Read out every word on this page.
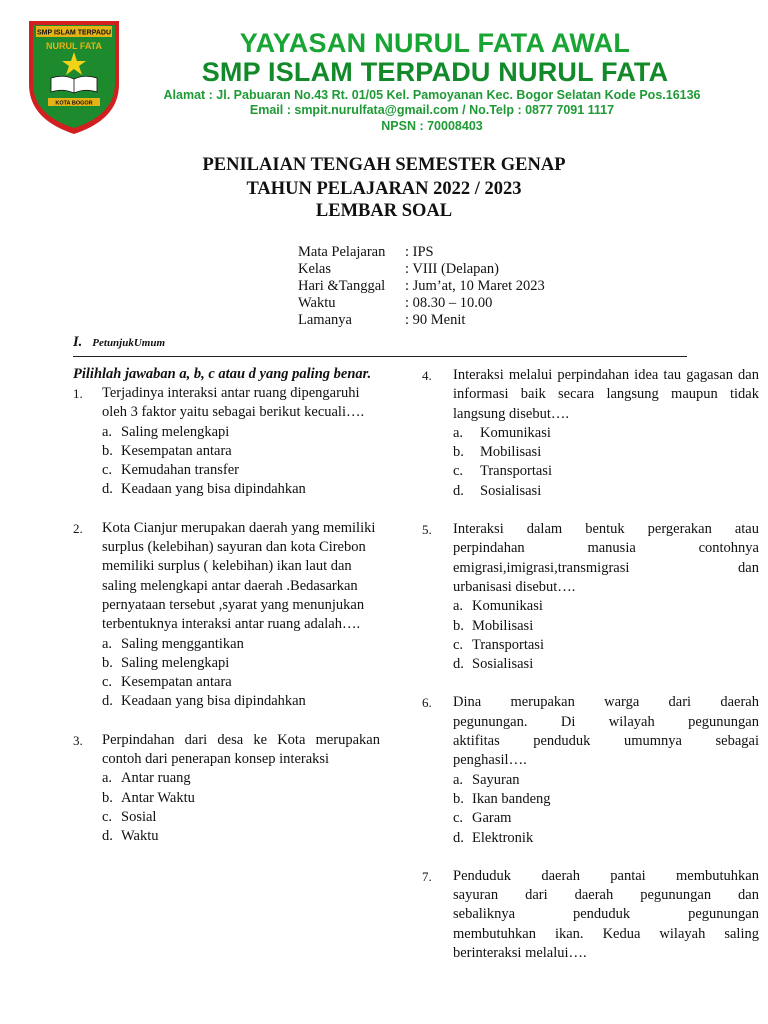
SMP ISLAM TERPADU
NURUL FATA
KOTA BOGOR
YAYASAN NURUL FATA AWAL
SMP ISLAM TERPADU NURUL FATA
Alamat : Jl. Pabuaran No.43 Rt. 01/05 Kel. Pamoyanan Kec. Bogor Selatan Kode Pos.16136
Email : smpit.nurulfata@gmail.com / No.Telp : 0877 7091 1117
NPSN : 70008403
PENILAIAN TENGAH SEMESTER GENAP
TAHUN PELAJARAN 2022 / 2023
LEMBAR SOAL
Mata Pelajaran	: IPS
Kelas	: VIII (Delapan)
Hari &Tanggal	: Jum’at, 10 Maret 2023
Waktu	: 08.30 – 10.00
Lamanya	: 90 Menit
I. PetunjukUmum
Pilihlah jawaban a, b, c atau d yang paling benar.
1.	Terjadinya interaksi antar ruang dipengaruhi oleh 3 faktor yaitu sebagai berikut kecuali….

a. Saling melengkapi
b. Kesempatan antara
c. Kemudahan transfer
d. Keadaan yang bisa dipindahkan
2.	Kota Cianjur merupakan daerah yang memiliki surplus (kelebihan) sayuran dan kota Cirebon memiliki surplus ( kelebihan) ikan laut dan saling melengkapi antar daerah .Bedasarkan pernyataan tersebut ,syarat yang menunjukan terbentuknya interaksi antar ruang adalah….

a. Saling menggantikan
b. Saling melengkapi
c. Kesempatan antara
d. Keadaan yang bisa dipindahkan
3.	Perpindahan dari desa ke Kota merupakan contoh dari penerapan konsep interaksi

a. Antar ruang
b. Antar Waktu
c. Sosial
d. Waktu
4.	Interaksi melalui perpindahan idea tau gagasan dan informasi baik secara langsung maupun tidak langsung disebut….

a.	Komunikasi
b.	Mobilisasi
c.	Transportasi
d.	Sosialisasi
5.	Interaksi dalam bentuk pergerakan atau

perpindahan manusia contohnya

emigrasi,imigrasi,transmigrasi dan

urbanisasi disebut….

a. Komunikasi
b. Mobilisasi
c. Transportasi
d. Sosialisasi
6.	Dina merupakan warga dari daerah

pegunungan. Di wilayah pegunungan

aktifitas penduduk umumnya sebagai

penghasil….

a. Sayuran
b. Ikan bandeng
c. Garam
d. Elektronik
7.	Penduduk daerah pantai membutuhkan

sayuran dari daerah pegunungan dan

sebaliknya penduduk pegunungan

membutuhkan ikan. Kedua wilayah saling

berinteraksi melalui….
